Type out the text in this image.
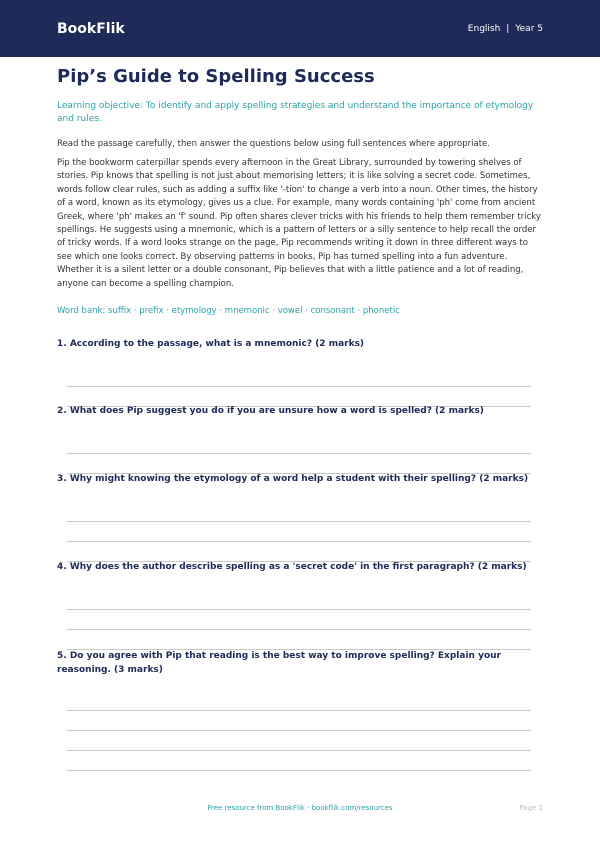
BookFlik	English | Year 5
Pip’s Guide to Spelling Success
Learning objective: To identify and apply spelling strategies and understand the importance of etymology and rules.
Read the passage carefully, then answer the questions below using full sentences where appropriate.
Pip the bookworm caterpillar spends every afternoon in the Great Library, surrounded by towering shelves of stories. Pip knows that spelling is not just about memorising letters; it is like solving a secret code. Sometimes, words follow clear rules, such as adding a suffix like '-tion' to change a verb into a noun. Other times, the history of a word, known as its etymology, gives us a clue. For example, many words containing 'ph' come from ancient Greek, where 'ph' makes an 'f' sound. Pip often shares clever tricks with his friends to help them remember tricky spellings. He suggests using a mnemonic, which is a pattern of letters or a silly sentence to help recall the order of tricky words. If a word looks strange on the page, Pip recommends writing it down in three different ways to see which one looks correct. By observing patterns in books, Pip has turned spelling into a fun adventure. Whether it is a silent letter or a double consonant, Pip believes that with a little patience and a lot of reading, anyone can become a spelling champion.
Word bank: suffix · prefix · etymology · mnemonic · vowel · consonant · phonetic
1. According to the passage, what is a mnemonic? (2 marks)
2. What does Pip suggest you do if you are unsure how a word is spelled? (2 marks)
3. Why might knowing the etymology of a word help a student with their spelling? (2 marks)
4. Why does the author describe spelling as a 'secret code' in the first paragraph? (2 marks)
5. Do you agree with Pip that reading is the best way to improve spelling? Explain your reasoning. (3 marks)
Free resource from BookFlik · bookflik.com/resources	Page 1
